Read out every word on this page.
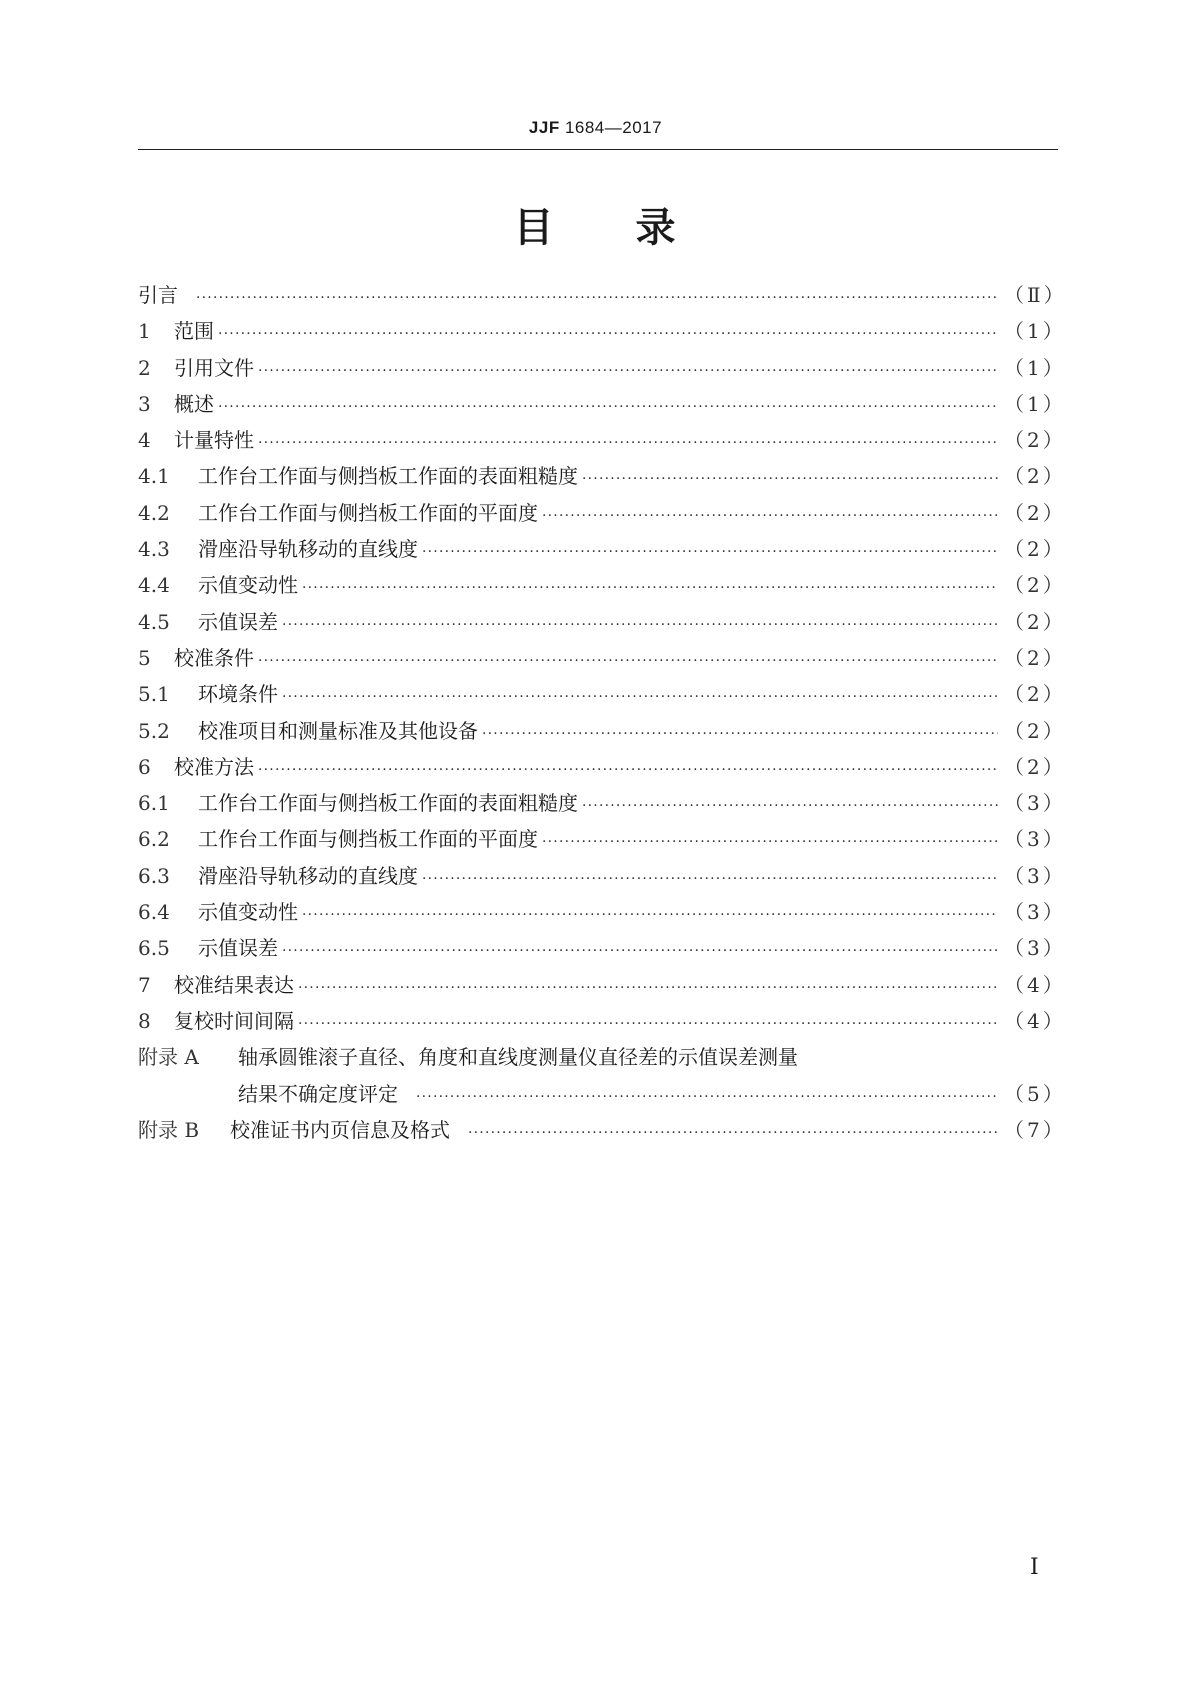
JJF 1684—2017
目 录
引言 ·····	（Ⅱ）
1	范围 ·····	（1）
2	引用文件 ·····	（1）
3	概述 ·····	（1）
4	计量特性 ·····	（2）
4.1	工作台工作面与侧挡板工作面的表面粗糙度 ·····	（2）
4.2	工作台工作面与侧挡板工作面的平面度 ·····	（2）
4.3	滑座沿导轨移动的直线度 ·····	（2）
4.4	示值变动性 ·····	（2）
4.5	示值误差 ·····	（2）
5	校准条件 ·····	（2）
5.1	环境条件 ·····	（2）
5.2	校准项目和测量标准及其他设备 ·····	（2）
6	校准方法 ·····	（2）
6.1	工作台工作面与侧挡板工作面的表面粗糙度 ·····	（3）
6.2	工作台工作面与侧挡板工作面的平面度 ·····	（3）
6.3	滑座沿导轨移动的直线度 ·····	（3）
6.4	示值变动性 ·····	（3）
6.5	示值误差 ·····	（3）
7	校准结果表达 ·····	（4）
8	复校时间间隔 ·····	（4）
附录 A	轴承圆锥滚子直径、角度和直线度测量仪直径差的示值误差测量
结果不确定度评定 ·····	（5）
附录 B	校准证书内页信息及格式 ·····	（7）
Ⅰ
